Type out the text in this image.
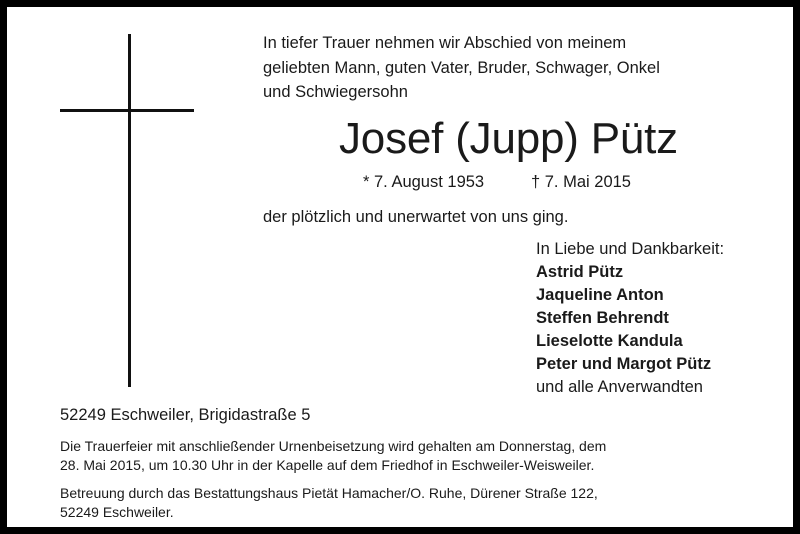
In tiefer Trauer nehmen wir Abschied von meinem
geliebten Mann, guten Vater, Bruder, Schwager, Onkel
und Schwiegersohn
Josef (Jupp) Pütz
* 7. August 1953	† 7. Mai 2015
der plötzlich und unerwartet von uns ging.
In Liebe und Dankbarkeit:
Astrid Pütz
Jaqueline Anton
Steffen Behrendt
Lieselotte Kandula
Peter und Margot Pütz
und alle Anverwandten
52249 Eschweiler, Brigidastraße 5
Die Trauerfeier mit anschließender Urnenbeisetzung wird gehalten am Donnerstag, dem
28. Mai 2015, um 10.30 Uhr in der Kapelle auf dem Friedhof in Eschweiler-Weisweiler.
Betreuung durch das Bestattungshaus Pietät Hamacher/O. Ruhe, Dürener Straße 122,
52249 Eschweiler.
